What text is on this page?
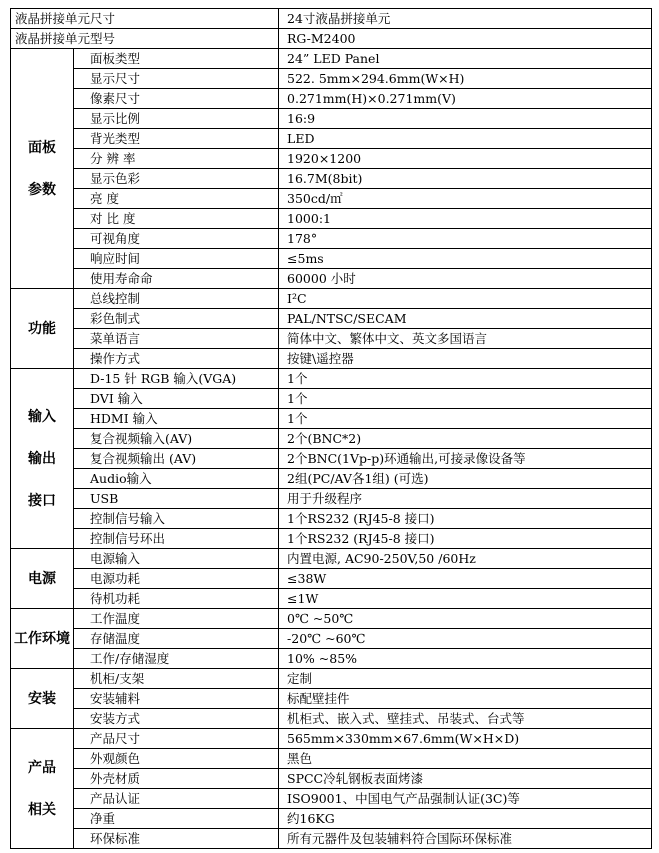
液晶拼接单元尺寸		24寸液晶拼接单元
液晶拼接单元型号		RG-M2400

面板
参数	面板类型	24” LED Panel
	显示尺寸	522. 5mm×294.6mm(W×H)
	像素尺寸	0.271mm(H)×0.271mm(V)
	显示比例	16:9
	背光类型	LED
	分 辨 率	1920×1200
	显示色彩	16.7M(8bit)
	亮 度	350cd/㎡
	对 比 度	1000:1
	可视角度	178°
	响应时间	≤5ms
	使用寿命命	60000 小时

功能	总线控制	I²C
	彩色制式	PAL/NTSC/SECAM
	菜单语言	简体中文、繁体中文、英文多国语言
	操作方式	按键\遥控器

输入
输出
接口	D-15 针 RGB 输入(VGA)	1个
	DVI 输入	1个
	HDMI 输入	1个
	复合视频输入(AV)	2个(BNC*2)
	复合视频输出 (AV)	2个BNC(1Vp-p)环通输出,可接录像设备等
	Audio输入	2组(PC/AV各1组) (可选)
	USB	用于升级程序
	控制信号输入	1个RS232 (RJ45-8 接口)
	控制信号环出	1个RS232 (RJ45-8 接口)

电源	电源输入	内置电源, AC90-250V,50 /60Hz
	电源功耗	≤38W
	待机功耗	≤1W

工作环境	工作温度	0℃ ~50℃
	存储温度	-20℃ ~60℃
	工作/存储湿度	10% ~85%

安装	机柜/支架	定制
	安装辅料	标配壁挂件
	安装方式	机柜式、嵌入式、壁挂式、吊装式、台式等

产品
相关	产品尺寸	565mm×330mm×67.6mm(W×H×D)
	外观颜色	黑色
	外壳材质	SPCC冷轧钢板表面烤漆
	产品认证	ISO9001、中国电气产品强制认证(3C)等
	净重	约16KG
	环保标准	所有元器件及包装辅料符合国际环保标准
